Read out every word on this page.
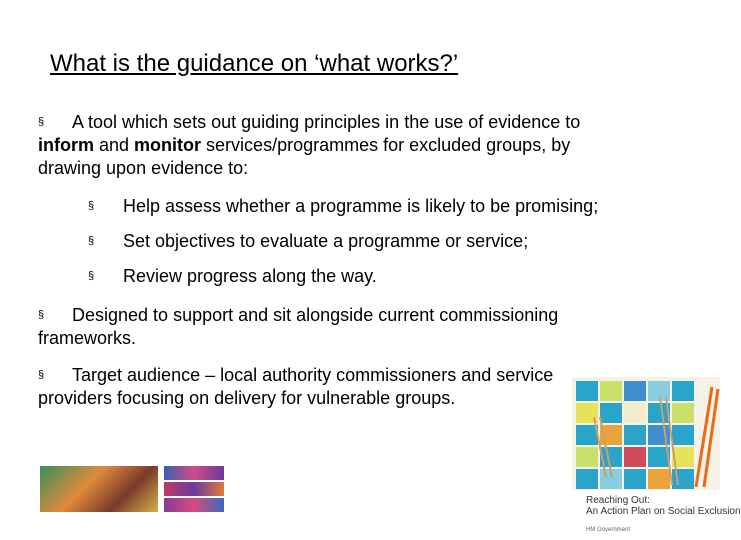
What is the guidance on ‘what works?’
§ A tool which sets out guiding principles in the use of evidence to
inform and monitor services/programmes for excluded groups, by
drawing upon evidence to:
§ Help assess whether a programme is likely to be promising;
§ Set objectives to evaluate a programme or service;
§ Review progress along the way.
§ Designed to support and sit alongside current commissioning
frameworks.
§ Target audience – local authority commissioners and service
providers focusing on delivery for vulnerable groups.
Reaching Out:
An Action Plan on Social Exclusion
HM Government
